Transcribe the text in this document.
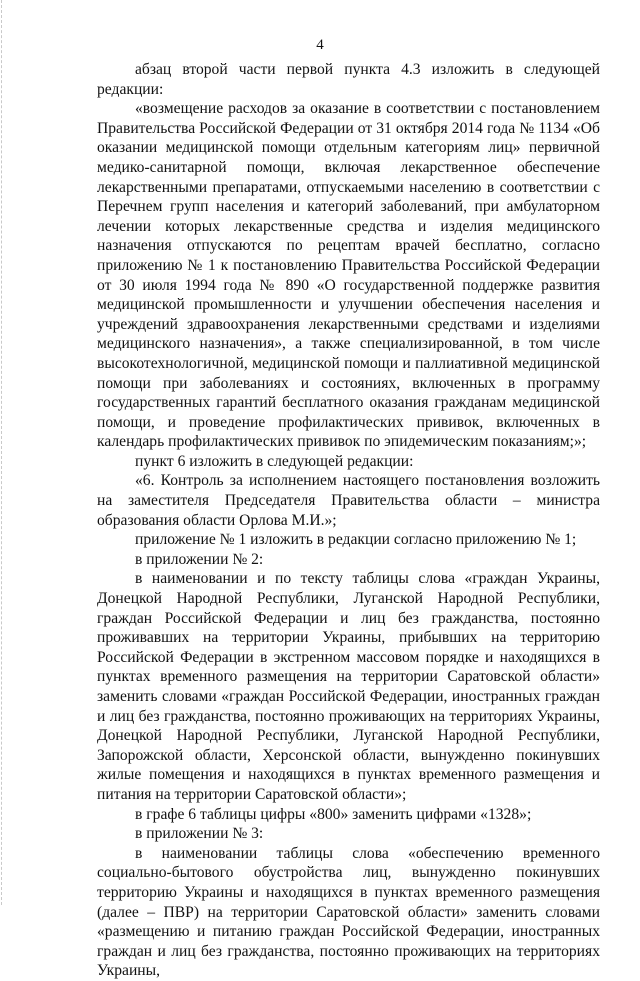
4

абзац второй части первой пункта 4.3 изложить в следующей редакции:

«возмещение расходов за оказание в соответствии с постановлением Правительства Российской Федерации от 31 октября 2014 года № 1134 «Об оказании медицинской помощи отдельным категориям лиц» первичной медико-санитарной помощи, включая лекарственное обеспечение лекарственными препаратами, отпускаемыми населению в соответствии с Перечнем групп населения и категорий заболеваний, при амбулаторном лечении которых лекарственные средства и изделия медицинского назначения отпускаются по рецептам врачей бесплатно, согласно приложению № 1 к постановлению Правительства Российской Федерации от 30 июля 1994 года № 890 «О государственной поддержке развития медицинской промышленности и улучшении обеспечения населения и учреждений здравоохранения лекарственными средствами и изделиями медицинского назначения», а также специализированной, в том числе высокотехнологичной, медицинской помощи и паллиативной медицинской помощи при заболеваниях и состояниях, включенных в программу государственных гарантий бесплатного оказания гражданам медицинской помощи, и проведение профилактических прививок, включенных в календарь профилактических прививок по эпидемическим показаниям;»;

пункт 6 изложить в следующей редакции:

«6. Контроль за исполнением настоящего постановления возложить на заместителя Председателя Правительства области – министра образования области Орлова М.И.»;

приложение № 1 изложить в редакции согласно приложению № 1;

в приложении № 2:

в наименовании и по тексту таблицы слова «граждан Украины, Донецкой Народной Республики, Луганской Народной Республики, граждан Российской Федерации и лиц без гражданства, постоянно проживавших на территории Украины, прибывших на территорию Российской Федерации в экстренном массовом порядке и находящихся в пунктах временного размещения на территории Саратовской области» заменить словами «граждан Российской Федерации, иностранных граждан и лиц без гражданства, постоянно проживающих на территориях Украины, Донецкой Народной Республики, Луганской Народной Республики, Запорожской области, Херсонской области, вынужденно покинувших жилые помещения и находящихся в пунктах временного размещения и питания на территории Саратовской области»;

в графе 6 таблицы цифры «800» заменить цифрами «1328»;

в приложении № 3:

в наименовании таблицы слова «обеспечению временного социально-бытового обустройства лиц, вынужденно покинувших территорию Украины и находящихся в пунктах временного размещения (далее – ПВР) на территории Саратовской области» заменить словами «размещению и питанию граждан Российской Федерации, иностранных граждан и лиц без гражданства, постоянно проживающих на территориях Украины,
